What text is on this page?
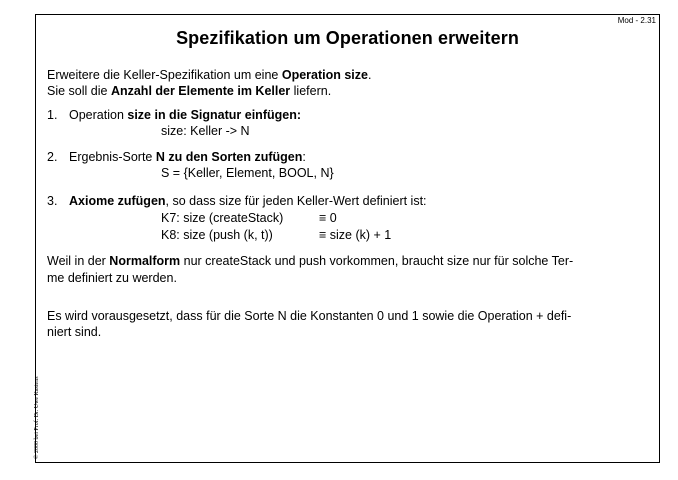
Mod - 2.31
Spezifikation um Operationen erweitern
Erweitere die Keller-Spezifikation um eine Operation size.
Sie soll die Anzahl der Elemente im Keller liefern.
1. Operation size in die Signatur einfügen:
size: Keller -> N
2. Ergebnis-Sorte N zu den Sorten zufügen:
S = {Keller, Element, BOOL, N}
3. Axiome zufügen, so dass size für jeden Keller-Wert definiert ist:
K7: size (createStack)	≡ 0
K8: size (push (k, t))	≡ size (k) + 1
Weil in der Normalform nur createStack und push vorkommen, braucht size nur für solche Ter-
me definiert zu werden.
Es wird vorausgesetzt, dass für die Sorte N die Konstanten 0 und 1 sowie die Operation + defi-
niert sind.
© 2000 bei Prof. Dr. Uwe Kastens
